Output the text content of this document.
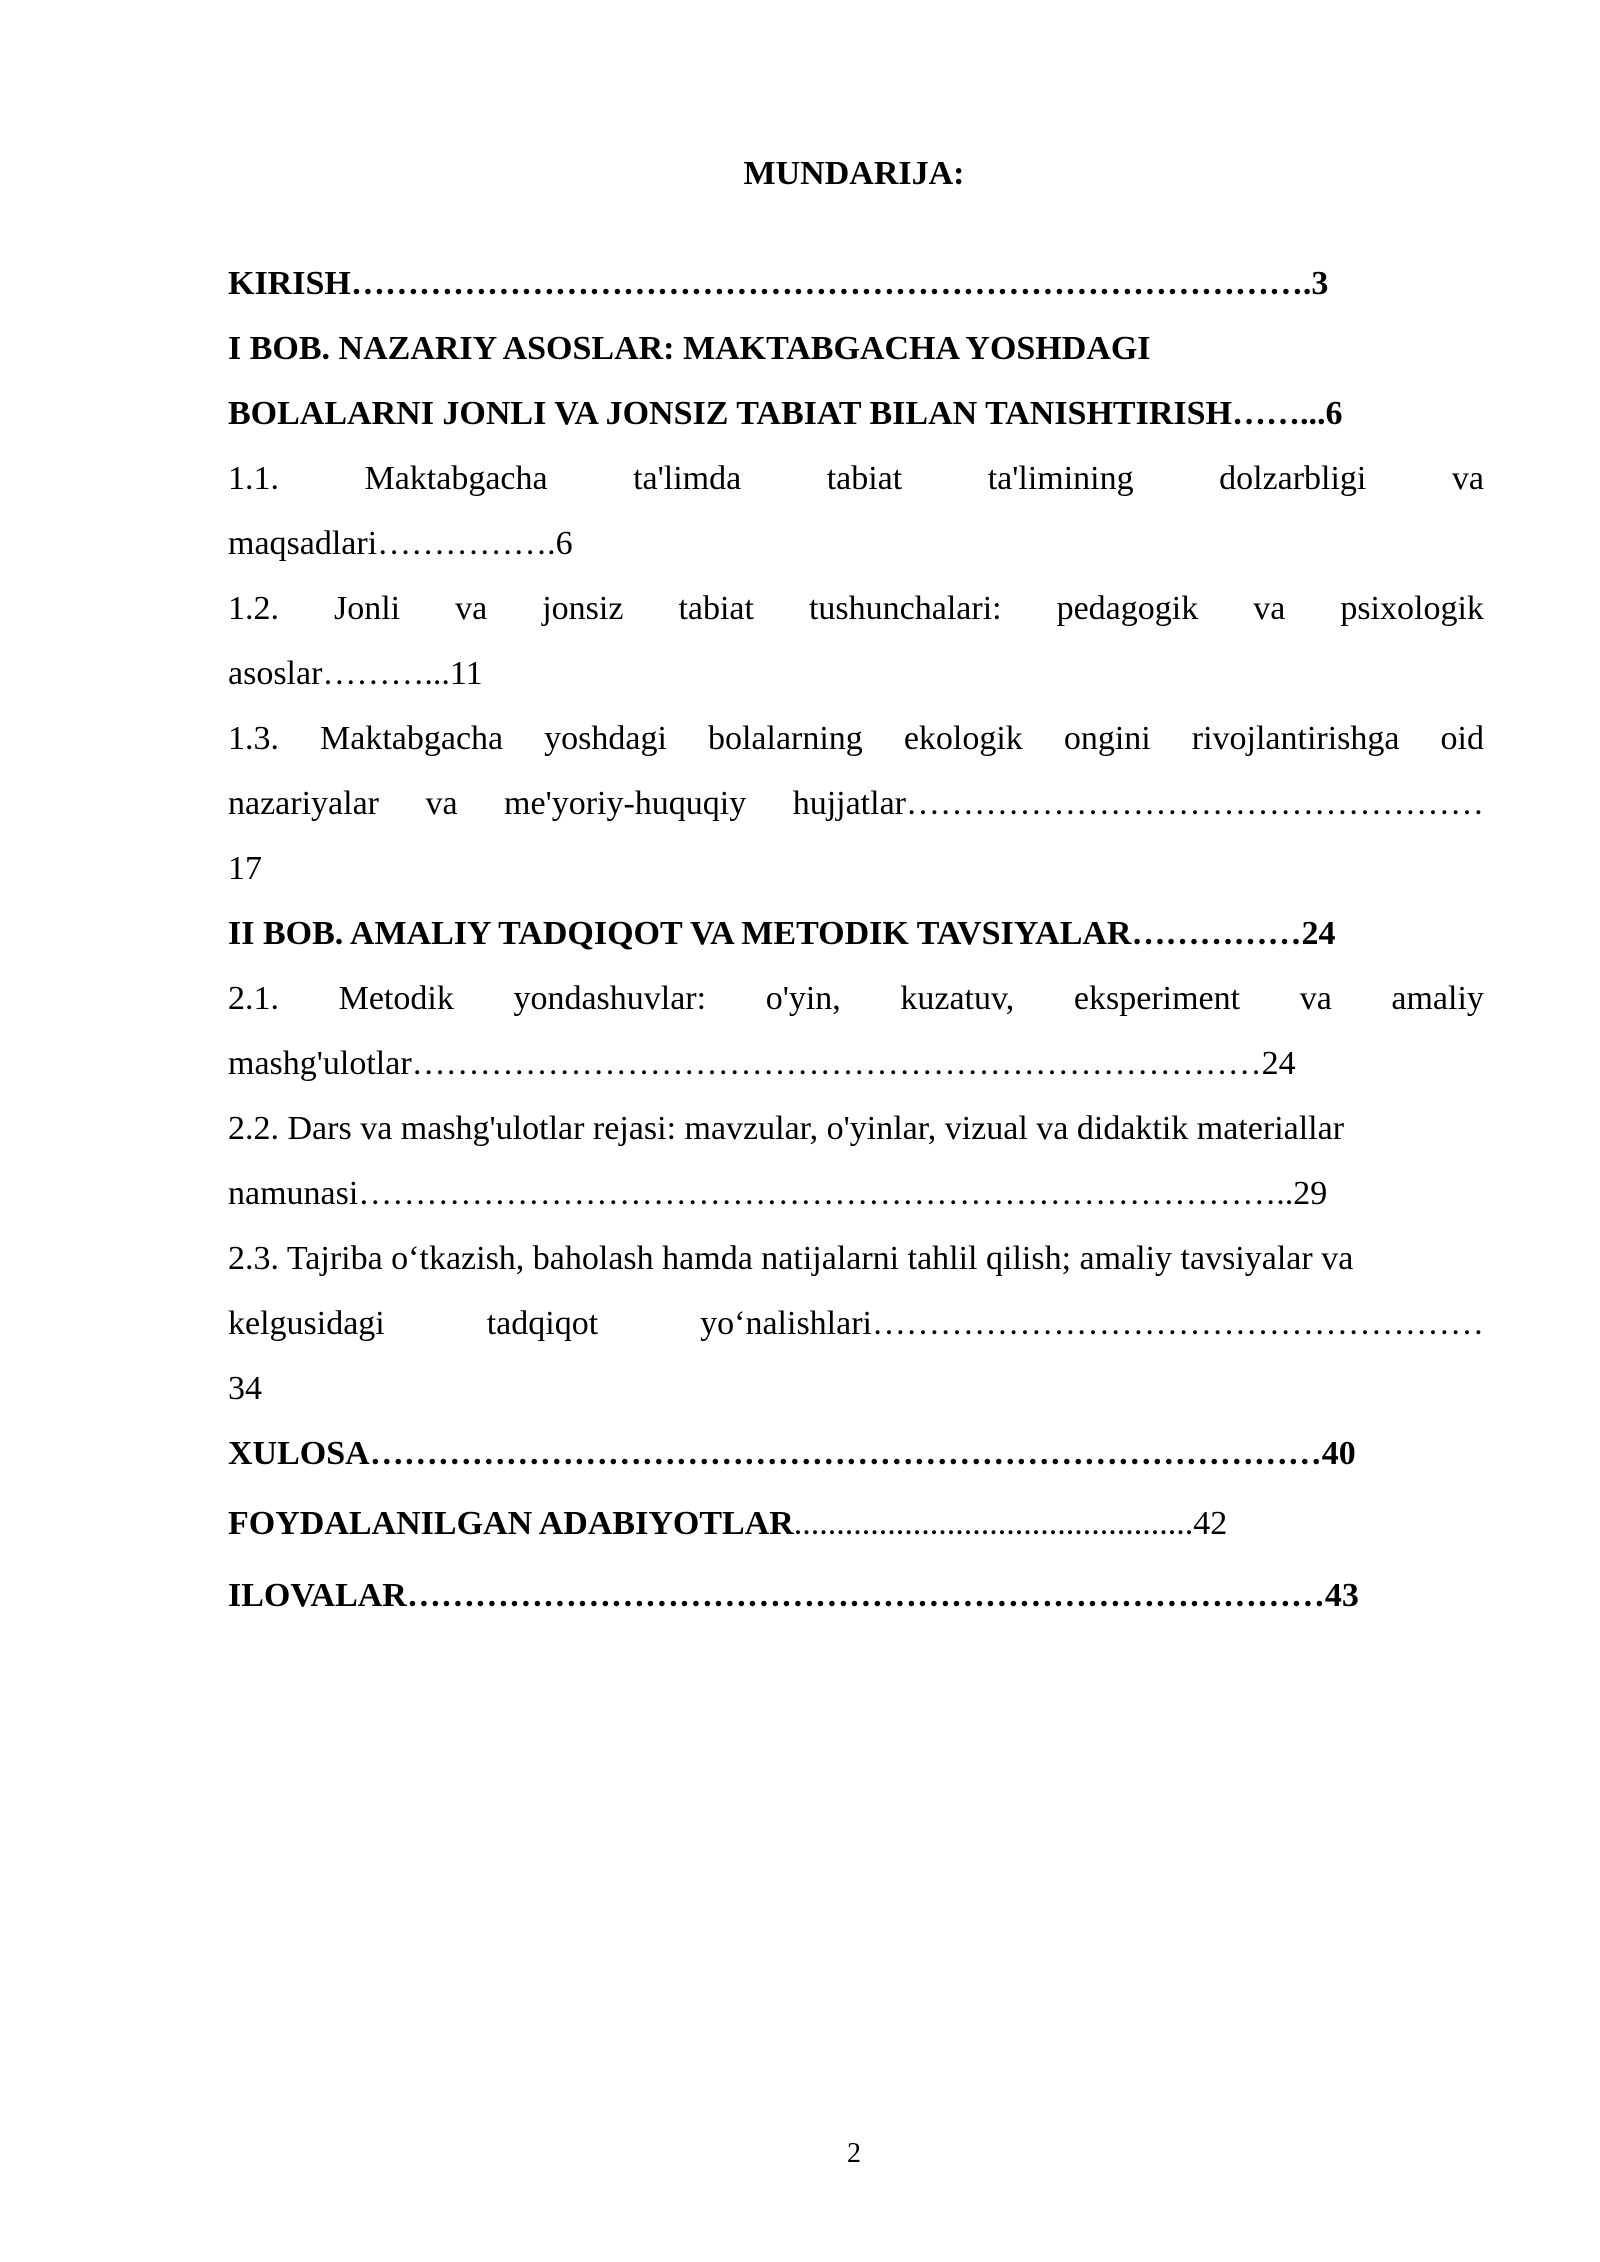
MUNDARIJA:
KIRISH………………………………………………………………………….3
I BOB. NAZARIY ASOSLAR: MAKTABGACHA YOSHDAGI
BOLALARNI JONLI VA JONSIZ TABIAT BILAN TANISHTIRISH……...6
1.1.	Maktabgacha	ta'limda	tabiat	ta'limining	dolzarbligi	va
maqsadlari…………….6
1.2. Jonli va jonsiz tabiat tushunchalari: pedagogik va psixologik
asoslar………...11
1.3. Maktabgacha yoshdagi bolalarning ekologik ongini rivojlantirishga oid
nazariyalar va me'yoriy-huquqiy hujjatlar……………………………………………
17
II BOB. AMALIY TADQIQOT VA METODIK TAVSIYALAR……………24
2.1. Metodik yondashuvlar: o'yin, kuzatuv, eksperiment va amaliy
mashg'ulotlar…………………………………………………………………24
2.2. Dars va mashg'ulotlar rejasi: mavzular, o'yinlar, vizual va didaktik materiallar
namunasi………………………………………………………………………..29
2.3. Tajriba o‘tkazish, baholash hamda natijalarni tahlil qilish; amaliy tavsiyalar va
kelgusidagi	tadqiqot	yo‘nalishlari………………………………………………
34
XULOSA…………………………………………………………………………40
FOYDALANILGAN ADABIYOTLAR...............................................42
ILOVALAR………………………………………………………………………43
2
